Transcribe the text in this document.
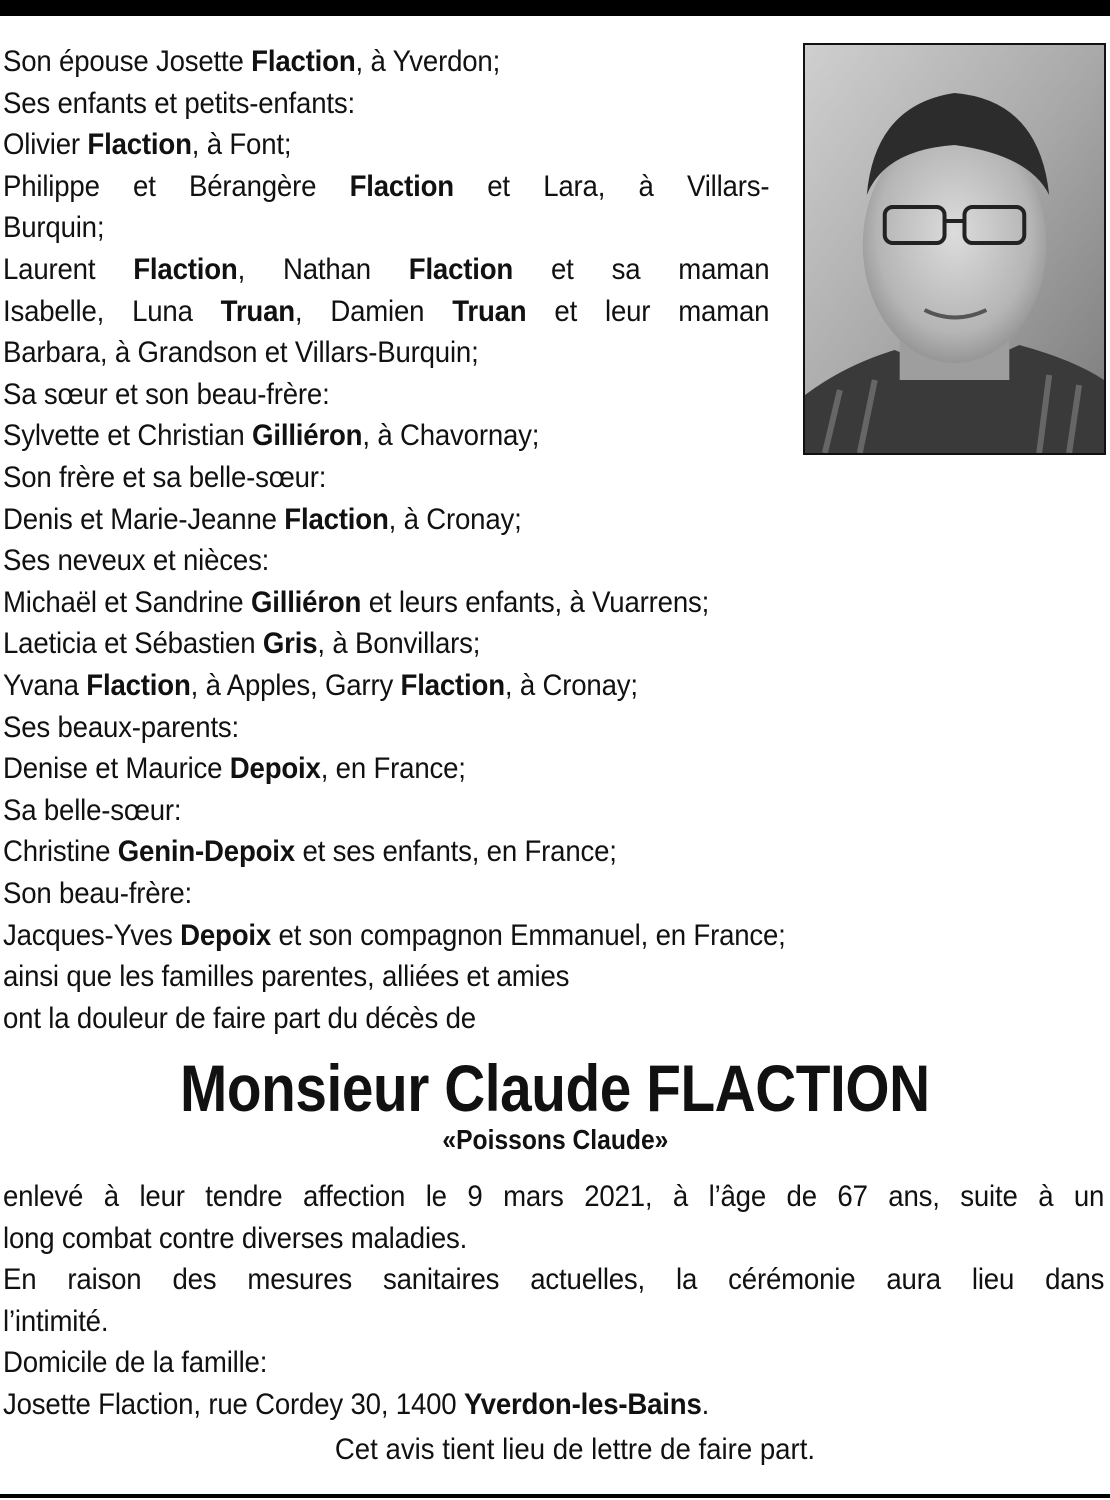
Son épouse Josette Flaction, à Yverdon;
Ses enfants et petits-enfants:
Olivier Flaction, à Font;
Philippe et Bérangère Flaction et Lara, à Villars-
Burquin;
Laurent Flaction, Nathan Flaction et sa maman
Isabelle, Luna Truan, Damien Truan et leur maman
Barbara, à Grandson et Villars-Burquin;
Sa sœur et son beau-frère:
Sylvette et Christian Gilliéron, à Chavornay;
Son frère et sa belle-sœur:
Denis et Marie-Jeanne Flaction, à Cronay;
Ses neveux et nièces:
Michaël et Sandrine Gilliéron et leurs enfants, à Vuarrens;
Laeticia et Sébastien Gris, à Bonvillars;
Yvana Flaction, à Apples, Garry Flaction, à Cronay;
Ses beaux-parents:
Denise et Maurice Depoix, en France;
Sa belle-sœur:
Christine Genin-Depoix et ses enfants, en France;
Son beau-frère:
Jacques-Yves Depoix et son compagnon Emmanuel, en France;
ainsi que les familles parentes, alliées et amies
ont la douleur de faire part du décès de
Monsieur Claude FLACTION
«Poissons Claude»
enlevé à leur tendre affection le 9 mars 2021, à l’âge de 67 ans, suite à un
long combat contre diverses maladies.
En raison des mesures sanitaires actuelles, la cérémonie aura lieu dans
l’intimité.
Domicile de la famille:
Josette Flaction, rue Cordey 30, 1400 Yverdon-les-Bains.
Cet avis tient lieu de lettre de faire part.
